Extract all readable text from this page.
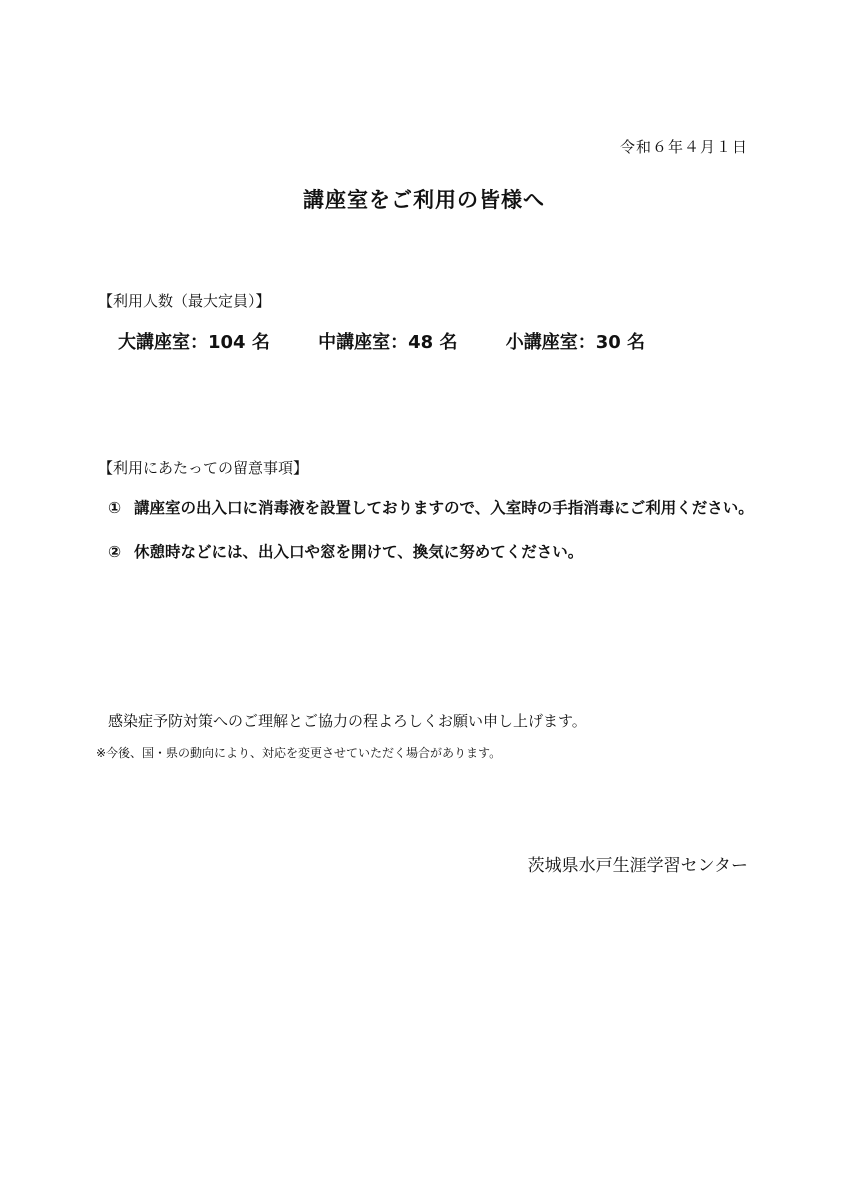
令和６年４月１日
講座室をご利用の皆様へ
【利用人数（最大定員）】
大講座室：104 名	中講座室：48 名	小講座室：30 名
【利用にあたっての留意事項】
① 講座室の出入口に消毒液を設置しておりますので、入室時の手指消毒にご利用ください。
② 休憩時などには、出入口や窓を開けて、換気に努めてください。
感染症予防対策へのご理解とご協力の程よろしくお願い申し上げます。
※今後、国・県の動向により、対応を変更させていただく場合があります。
茨城県水戸生涯学習センター
